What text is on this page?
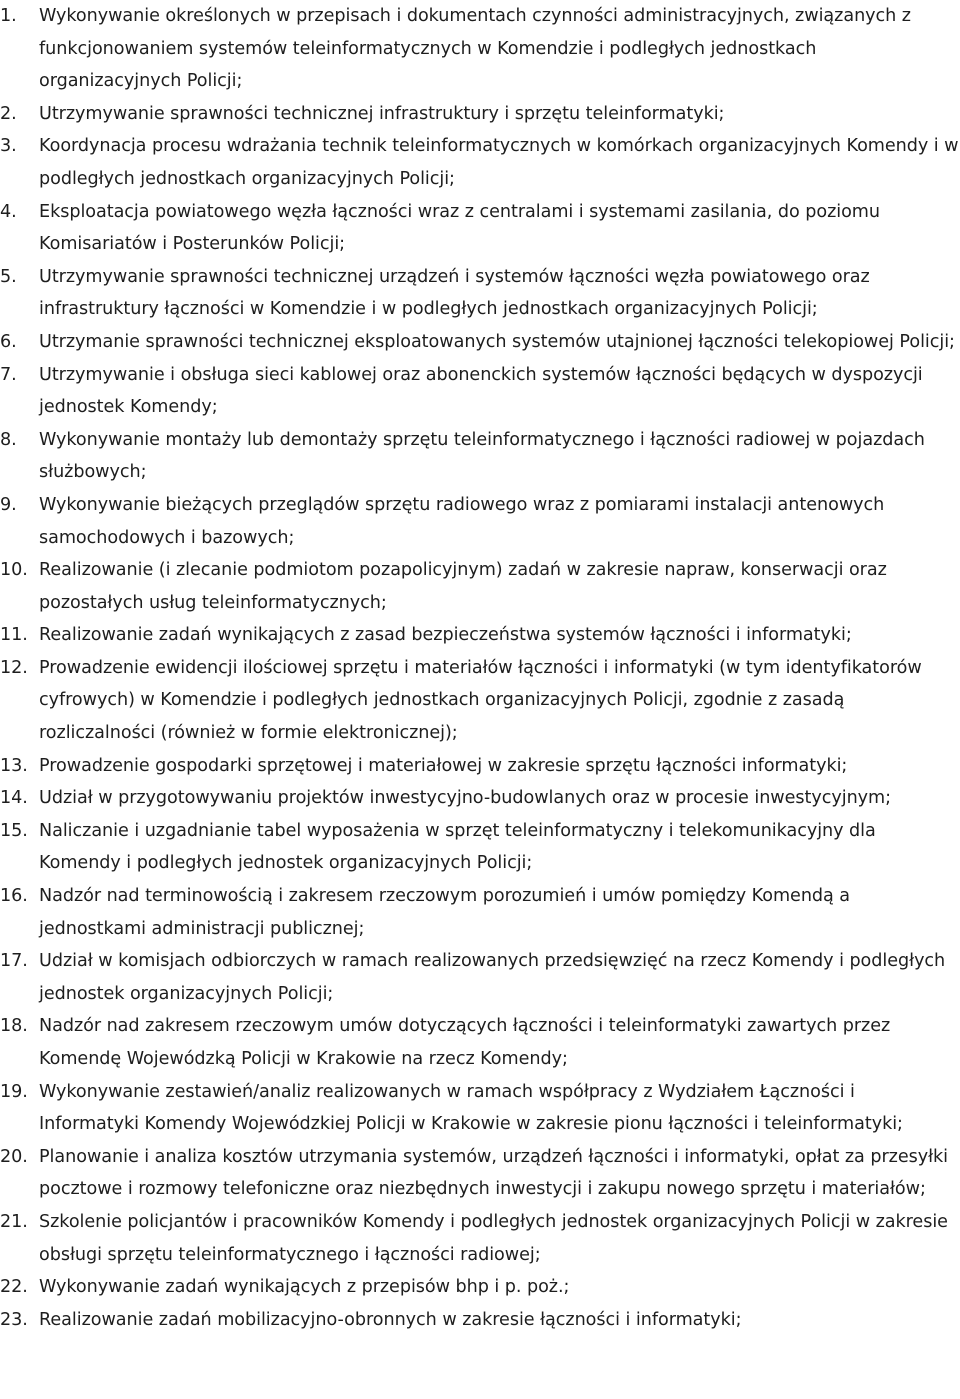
1. Wykonywanie określonych w przepisach i dokumentach czynności administracyjnych, związanych z funkcjonowaniem systemów teleinformatycznych w Komendzie i podległych jednostkach organizacyjnych Policji;
2. Utrzymywanie sprawności technicznej infrastruktury i sprzętu teleinformatyki;
3. Koordynacja procesu wdrażania technik teleinformatycznych w komórkach organizacyjnych Komendy i w podległych jednostkach organizacyjnych Policji;
4. Eksploatacja powiatowego węzła łączności wraz z centralami i systemami zasilania, do poziomu Komisariatów i Posterunków Policji;
5. Utrzymywanie sprawności technicznej urządzeń i systemów łączności węzła powiatowego oraz infrastruktury łączności w Komendzie i w podległych jednostkach organizacyjnych Policji;
6. Utrzymanie sprawności technicznej eksploatowanych systemów utajnionej łączności telekopiowej Policji;
7. Utrzymywanie i obsługa sieci kablowej oraz abonenckich systemów łączności będących w dyspozycji jednostek Komendy;
8. Wykonywanie montaży lub demontaży sprzętu teleinformatycznego i łączności radiowej w pojazdach służbowych;
9. Wykonywanie bieżących przeglądów sprzętu radiowego wraz z pomiarami instalacji antenowych samochodowych i bazowych;
10. Realizowanie (i zlecanie podmiotom pozapolicyjnym) zadań w zakresie napraw, konserwacji oraz pozostałych usług teleinformatycznych;
11. Realizowanie zadań wynikających z zasad bezpieczeństwa systemów łączności i informatyki;
12. Prowadzenie ewidencji ilościowej sprzętu i materiałów łączności i informatyki (w tym identyfikatorów cyfrowych) w Komendzie i podległych jednostkach organizacyjnych Policji, zgodnie z zasadą rozliczalności (również w formie elektronicznej);
13. Prowadzenie gospodarki sprzętowej i materiałowej w zakresie sprzętu łączności informatyki;
14. Udział w przygotowywaniu projektów inwestycyjno-budowlanych oraz w procesie inwestycyjnym;
15. Naliczanie i uzgadnianie tabel wyposażenia w sprzęt teleinformatyczny i telekomunikacyjny dla Komendy i podległych jednostek organizacyjnych Policji;
16. Nadzór nad terminowością i zakresem rzeczowym porozumień i umów pomiędzy Komendą a jednostkami administracji publicznej;
17. Udział w komisjach odbiorczych w ramach realizowanych przedsięwzięć na rzecz Komendy i podległych jednostek organizacyjnych Policji;
18. Nadzór nad zakresem rzeczowym umów dotyczących łączności i teleinformatyki zawartych przez Komendę Wojewódzką Policji w Krakowie na rzecz Komendy;
19. Wykonywanie zestawień/analiz realizowanych w ramach współpracy z Wydziałem Łączności i Informatyki Komendy Wojewódzkiej Policji w Krakowie w zakresie pionu łączności i teleinformatyki;
20. Planowanie i analiza kosztów utrzymania systemów, urządzeń łączności i informatyki, opłat za przesyłki pocztowe i rozmowy telefoniczne oraz niezbędnych inwestycji i zakupu nowego sprzętu i materiałów;
21. Szkolenie policjantów i pracowników Komendy i podległych jednostek organizacyjnych Policji w zakresie obsługi sprzętu teleinformatycznego i łączności radiowej;
22. Wykonywanie zadań wynikających z przepisów bhp i p. poż.;
23. Realizowanie zadań mobilizacyjno-obronnych w zakresie łączności i informatyki;
